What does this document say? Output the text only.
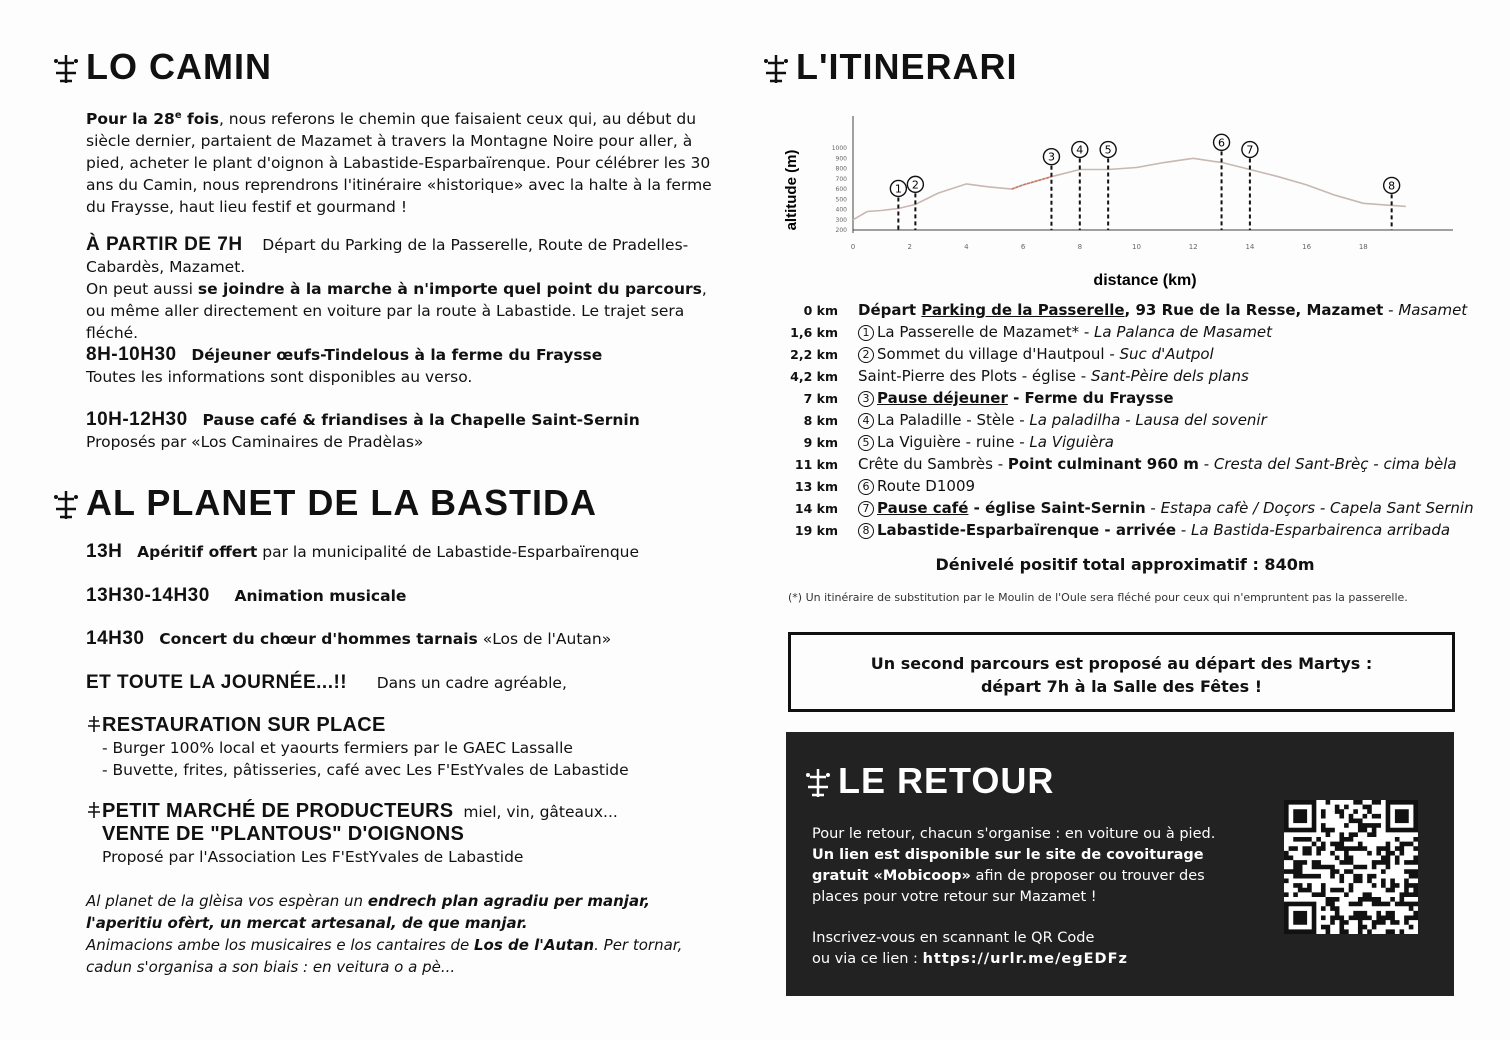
LO CAMIN
Pour la 28e fois, nous referons le chemin que faisaient ceux qui, au début du siècle dernier, partaient de Mazamet à travers la Montagne Noire pour aller, à pied, acheter le plant d'oignon à Labastide-Esparbaïrenque. Pour célébrer les 30 ans du Camin, nous reprendrons l'itinéraire «historique» avec la halte à la ferme du Fraysse, haut lieu festif et gourmand !
À PARTIR DE 7H Départ du Parking de la Passerelle, Route de Pradelles-Cabardès, Mazamet.
On peut aussi se joindre à la marche à n'importe quel point du parcours, ou même aller directement en voiture par la route à Labastide. Le trajet sera fléché.
8H-10H30 Déjeuner œufs-Tindelous à la ferme du Fraysse
Toutes les informations sont disponibles au verso.
10H-12H30 Pause café & friandises à la Chapelle Saint-Sernin
Proposés par «Los Caminaires de Pradèlas»
AL PLANET DE LA BASTIDA
13H Apéritif offert par la municipalité de Labastide-Esparbaïrenque
13H30-14H30 Animation musicale
14H30 Concert du chœur d'hommes tarnais «Los de l'Autan»
ET TOUTE LA JOURNÉE...!! Dans un cadre agréable,
RESTAURATION SUR PLACE
- Burger 100% local et yaourts fermiers par le GAEC Lassalle
- Buvette, frites, pâtisseries, café avec Les F'EstYvales de Labastide
PETIT MARCHÉ DE PRODUCTEURS miel, vin, gâteaux...
VENTE DE "PLANTOUS" D'OIGNONS
Proposé par l'Association Les F'EstYvales de Labastide
Al planet de la glèisa vos espèran un endrech plan agradiu per manjar, l'aperitiu ofèrt, un mercat artesanal, de que manjar.
Animacions ambe los musicaires e los cantaires de Los de l'Autan. Per tornar, cadun s'organisa a son biais : en veitura o a pè...
L'ITINERARI
altitude (m)
distance (km)
200
300
400
500
600
700
800
900
1000
0	2	4	6	8	10	12	14	16	18
1 2
3
4 5
6
7
8
0 km Départ Parking de la Passerelle, 93 Rue de la Resse, Mazamet - Masamet
1,6 km	1 La Passerelle de Mazamet* - La Palanca de Masamet
2,2 km	2 Sommet du village d'Hautpoul - Suc d'Autpol
4,2 km Saint-Pierre des Plots - église - Sant-Pèire dels plans
7 km	3 Pause déjeuner - Ferme du Fraysse
8 km	4 La Paladille - Stèle - La paladilha - Lausa del sovenir
9 km	5 La Viguière - ruine - La Viguièra
11 km Crête du Sambrès - Point culminant 960 m - Cresta del Sant-Brèç - cima bèla
13 km	6 Route D1009
14 km	7 Pause café - église Saint-Sernin - Estapa cafè / Doçors - Capela Sant Sernin
19 km	8 Labastide-Esparbaïrenque - arrivée - La Bastida-Esparbairenca arribada
Dénivelé positif total approximatif : 840m
(*) Un itinéraire de substitution par le Moulin de l'Oule sera fléché pour ceux qui n'empruntent pas la passerelle.
Un second parcours est proposé au départ des Martys :
départ 7h à la Salle des Fêtes !
LE RETOUR
Pour le retour, chacun s'organise : en voiture ou à pied.
Un lien est disponible sur le site de covoiturage gratuit «Mobicoop» afin de proposer ou trouver des places pour votre retour sur Mazamet !
Inscrivez-vous en scannant le QR Code
ou via ce lien : https://urlr.me/egEDFz
